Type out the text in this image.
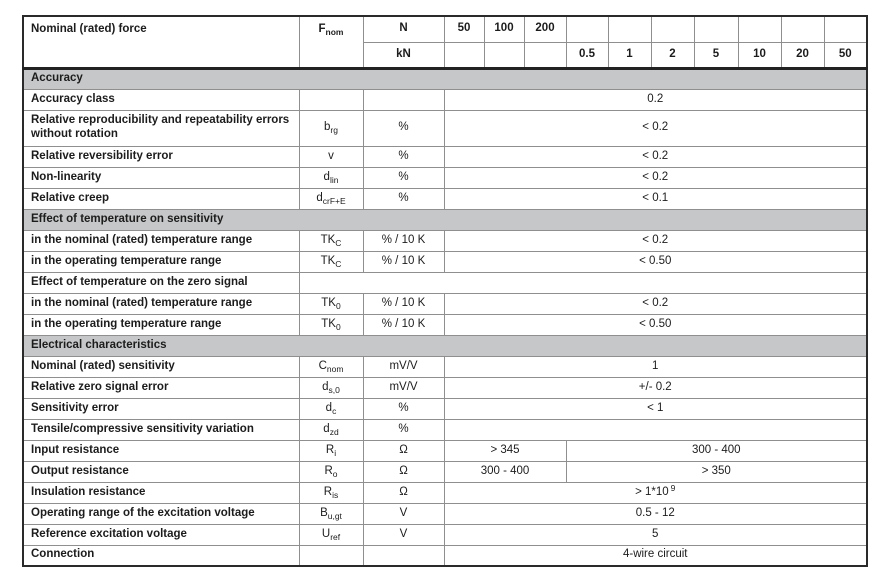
Nominal (rated) force	$F_{nom}$	N	50	100	200							
		kN				0.5	1	2	5	10	20	50
Accuracy												
Accuracy class			0.2									
Relative reproducibility and repeatability errors without rotation	$b_{rg}$	%	< 0.2									
Relative reversibility error	v	%	< 0.2									
Non-linearity	$d_{lin}$	%	< 0.2									
Relative creep	$d_{crF+E}$	%	< 0.1									
Effect of temperature on sensitivity												
in the nominal (rated) temperature range	$TK_C$	% / 10 K	< 0.2									
in the operating temperature range	$TK_C$	% / 10 K	< 0.50									
Effect of temperature on the zero signal												
in the nominal (rated) temperature range	$TK_0$	% / 10 K	< 0.2									
in the operating temperature range	$TK_0$	% / 10 K	< 0.50									
Electrical characteristics												
Nominal (rated) sensitivity	$C_{nom}$	mV/V	1									
Relative zero signal error	$d_{s,0}$	mV/V	+/- 0.2									
Sensitivity error	$d_c$	%	< 1									
Tensile/compressive sensitivity variation	$d_{zd}$	%										
Input resistance	$R_i$	Ω	> 345			300 - 400						
Output resistance	$R_o$	Ω	300 - 400			> 350						
Insulation resistance	$R_{is}$	Ω	> 1*10 $^9$
Operating range of the excitation voltage	$B_{u,gt}$	V	0.5 - 12									
Reference excitation voltage	$U_{ref}$	V	5									
Connection			4-wire circuit									
